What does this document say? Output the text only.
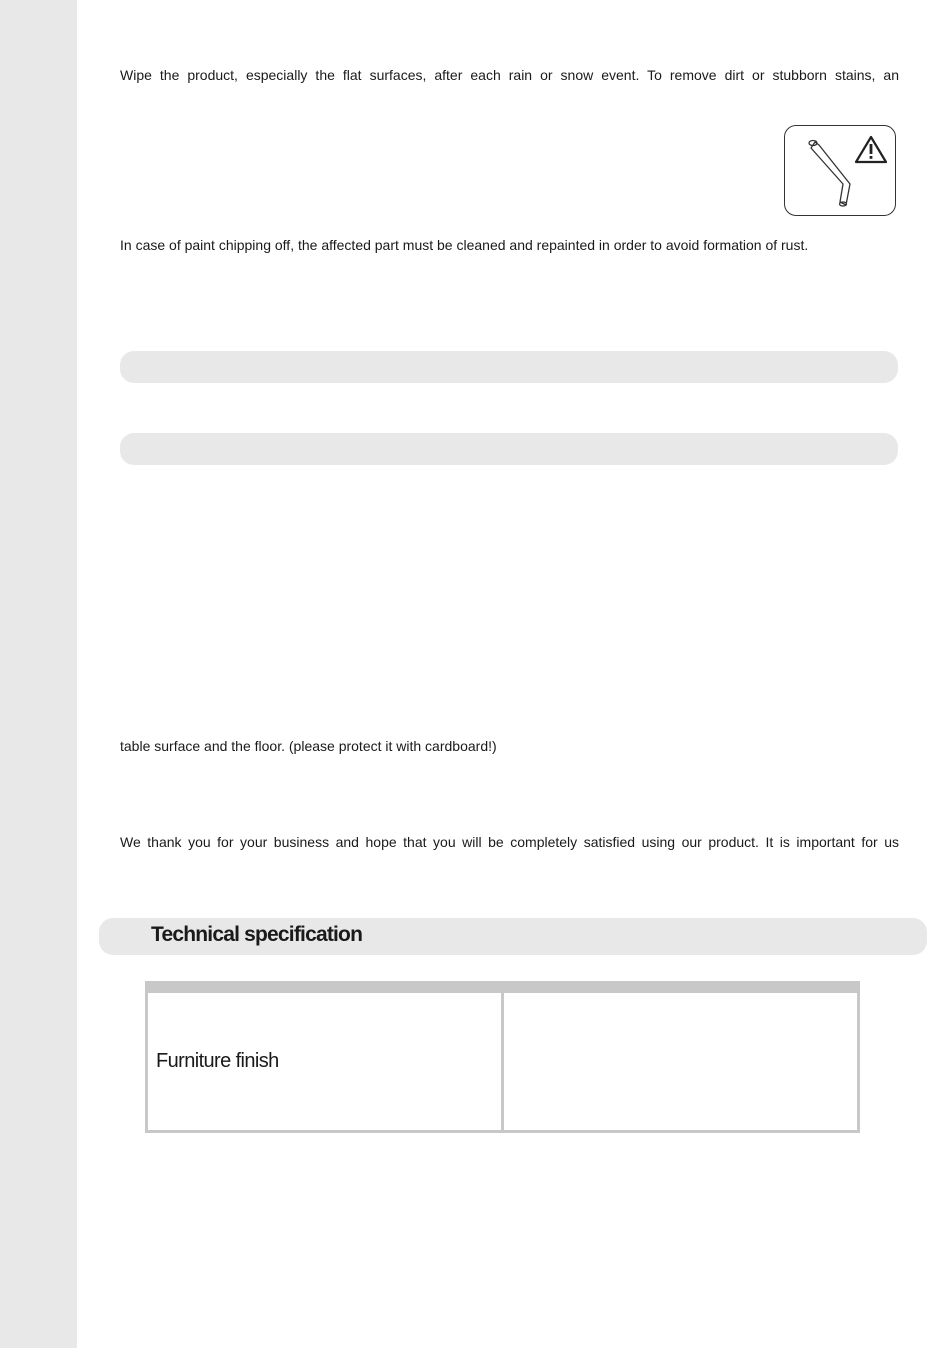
Wipe the product, especially the flat surfaces, after each rain or snow event. To remove dirt or stubborn stains, an

In case of paint chipping off, the affected part must be cleaned and repainted in order to avoid formation of rust.

table surface and the floor. (please protect it with cardboard!)

We thank you for your business and hope that you will be completely satisfied using our product. It is important for us

Technical specification

Furniture finish	
